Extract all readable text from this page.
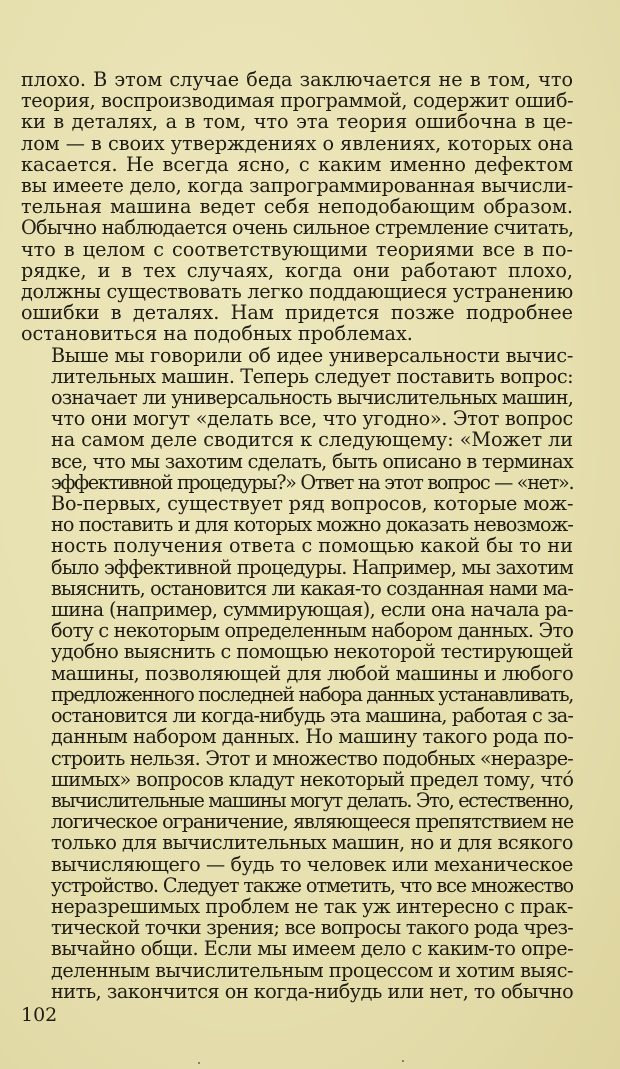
плохо. В этом случае беда заключается не в том, что
теория, воспроизводимая программой, содержит ошиб-
ки в деталях, а в том, что эта теория ошибочна в це-
лом — в своих утверждениях о явлениях, которых она
касается. Не всегда ясно, с каким именно дефектом
вы имеете дело, когда запрограммированная вычисли-
тельная машина ведет себя неподобающим образом.
Обычно наблюдается очень сильное стремление считать,
что в целом с соответствующими теориями все в по-
рядке, и в тех случаях, когда они работают плохо,
должны существовать легко поддающиеся устранению
ошибки в деталях. Нам придется позже подробнее
остановиться на подобных проблемах.
Выше мы говорили об идее универсальности вычис-
лительных машин. Теперь следует поставить вопрос:
означает ли универсальность вычислительных машин,
что они могут «делать все, что угодно». Этот вопрос
на самом деле сводится к следующему: «Может ли
все, что мы захотим сделать, быть описано в терминах
эффективной процедуры?» Ответ на этот вопрос — «нет».
Во-первых, существует ряд вопросов, которые мож-
но поставить и для которых можно доказать невозмож-
ность получения ответа с помощью какой бы то ни
было эффективной процедуры. Например, мы захотим
выяснить, остановится ли какая-то созданная нами ма-
шина (например, суммирующая), если она начала ра-
боту с некоторым определенным набором данных. Это
удобно выяснить с помощью некоторой тестирующей
машины, позволяющей для любой машины и любого
предложенного последней набора данных устанавливать,
остановится ли когда-нибудь эта машина, работая с за-
данным набором данных. Но машину такого рода по-
строить нельзя. Этот и множество подобных «неразре-
шимых» вопросов кладут некоторый предел тому, что́
вычислительные машины могут делать. Это, естественно,
логическое ограничение, являющееся препятствием не
только для вычислительных машин, но и для всякого
вычисляющего — будь то человек или механическое
устройство. Следует также отметить, что все множество
неразрешимых проблем не так уж интересно с прак-
тической точки зрения; все вопросы такого рода чрез-
вычайно общи. Если мы имеем дело с каким-то опре-
деленным вычислительным процессом и хотим выяс-
нить, закончится он когда-нибудь или нет, то обычно
102
